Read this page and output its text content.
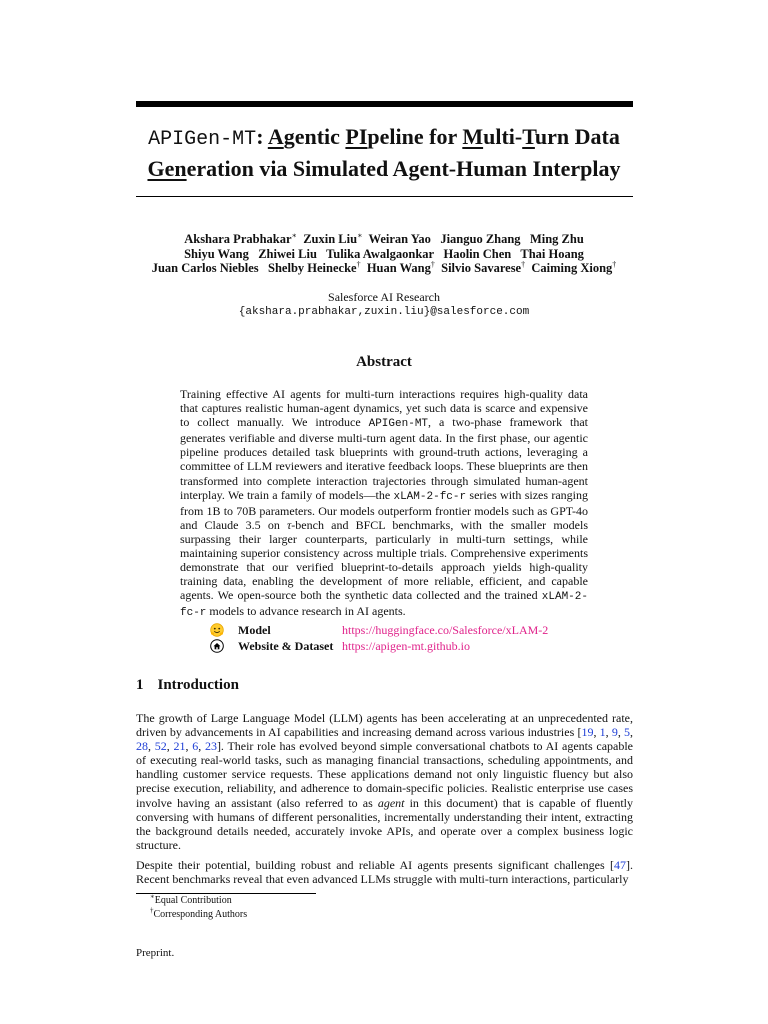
APIGen-MT: Agentic PIpeline for Multi-Turn Data
Generation via Simulated Agent-Human Interplay
Akshara Prabhakar∗ Zuxin Liu∗ Weiran Yao Jianguo Zhang Ming Zhu
Shiyu Wang Zhiwei Liu Tulika Awalgaonkar Haolin Chen Thai Hoang
Juan Carlos Niebles Shelby Heinecke† Huan Wang† Silvio Savarese† Caiming Xiong†
Salesforce AI Research
{akshara.prabhakar,zuxin.liu}@salesforce.com
Abstract

Training effective AI agents for multi-turn interactions requires high-quality data that captures realistic human-agent dynamics, yet such data is scarce and expensive to collect manually. We introduce APIGen-MT, a two-phase framework that generates verifiable and diverse multi-turn agent data. In the first phase, our agentic pipeline produces detailed task blueprints with ground-truth actions, leveraging a committee of LLM reviewers and iterative feedback loops. These blueprints are then transformed into complete interaction trajectories through simulated human-agent interplay. We train a family of models—the xLAM-2-fc-r series with sizes ranging from 1B to 70B parameters. Our models outperform frontier models such as GPT-4o and Claude 3.5 on τ-bench and BFCL benchmarks, with the smaller models surpassing their larger counterparts, particularly in multi-turn settings, while maintaining superior consistency across multiple trials. Comprehensive experiments demonstrate that our verified blueprint-to-details approach yields high-quality training data, enabling the development of more reliable, efficient, and capable agents. We open-source both the synthetic data collected and the trained xLAM-2-fc-r models to advance research in AI agents.

Model	https://huggingface.co/Salesforce/xLAM-2
Website & Dataset https://apigen-mt.github.io
1 Introduction

The growth of Large Language Model (LLM) agents has been accelerating at an unprecedented rate, driven by advancements in AI capabilities and increasing demand across various industries [19, 1, 9, 5, 28, 52, 21, 6, 23]. Their role has evolved beyond simple conversational chatbots to AI agents capable of executing real-world tasks, such as managing financial transactions, scheduling appointments, and handling customer service requests. These applications demand not only linguistic fluency but also precise execution, reliability, and adherence to domain-specific policies. Realistic enterprise use cases involve having an assistant (also referred to as agent in this document) that is capable of fluently conversing with humans of different personalities, incrementally understanding their intent, extracting the background details needed, accurately invoke APIs, and operate over a complex business logic structure.

Despite their potential, building robust and reliable AI agents presents significant challenges [47]. Recent benchmarks reveal that even advanced LLMs struggle with multi-turn interactions, particularly

∗Equal Contribution
†Corresponding Authors
Preprint.
